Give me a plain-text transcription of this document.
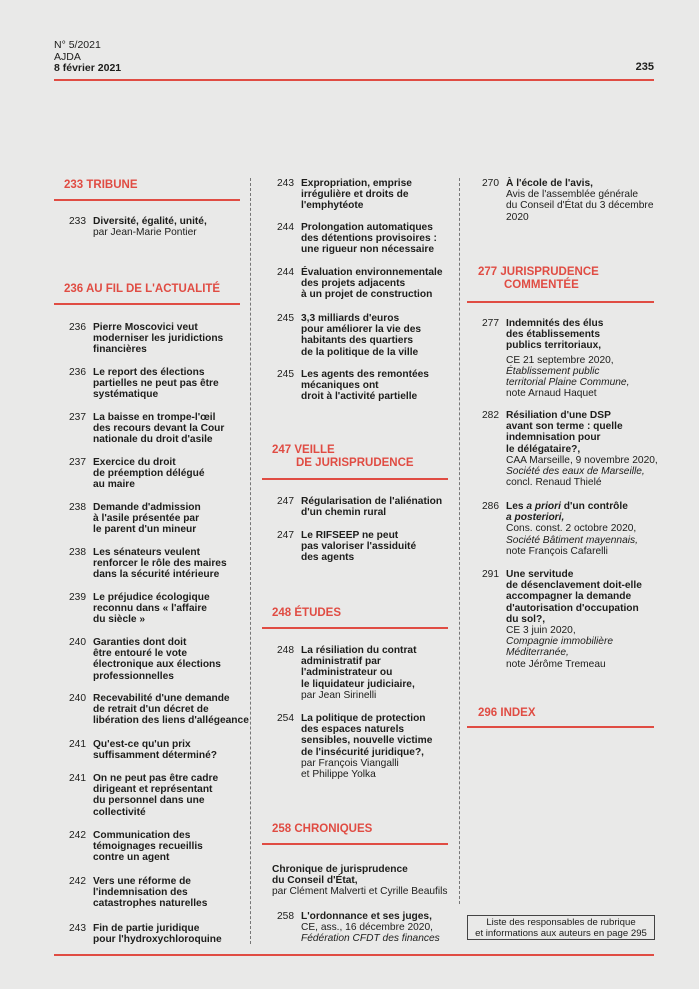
N° 5/2021
AJDA
8 février 2021	235
233 TRIBUNE
233 Diversité, égalité, unité,
par Jean-Marie Pontier
236 AU FIL DE L'ACTUALITÉ
236 Pierre Moscovici veut
moderniser les juridictions
financières
236 Le report des élections
partielles ne peut pas être
systématique
237 La baisse en trompe-l'œil
des recours devant la Cour
nationale du droit d'asile
237 Exercice du droit
de préemption délégué
au maire
238 Demande d'admission
à l'asile présentée par
le parent d'un mineur
238 Les sénateurs veulent
renforcer le rôle des maires
dans la sécurité intérieure
239 Le préjudice écologique
reconnu dans « l'affaire
du siècle »
240 Garanties dont doit
être entouré le vote
électronique aux élections
professionnelles
240 Recevabilité d'une demande
de retrait d'un décret de
libération des liens d'allégeance
241 Qu'est-ce qu'un prix
suffisamment déterminé?
241 On ne peut pas être cadre
dirigeant et représentant
du personnel dans une
collectivité
242 Communication des
témoignages recueillis
contre un agent
242 Vers une réforme de
l'indemnisation des
catastrophes naturelles
243 Fin de partie juridique
pour l'hydroxychloroquine
243 Expropriation, emprise
irrégulière et droits de
l'emphytéote
244 Prolongation automatiques
des détentions provisoires :
une rigueur non nécessaire
244 Évaluation environnementale
des projets adjacents
à un projet de construction
245 3,3 milliards d'euros
pour améliorer la vie des
habitants des quartiers
de la politique de la ville
245 Les agents des remontées
mécaniques ont
droit à l'activité partielle
247 VEILLE
DE JURISPRUDENCE
247 Régularisation de l'aliénation
d'un chemin rural
247 Le RIFSEEP ne peut
pas valoriser l'assiduité
des agents
248 ÉTUDES
248 La résiliation du contrat
administratif par
l'administrateur ou
le liquidateur judiciaire,
par Jean Sirinelli
254 La politique de protection
des espaces naturels
sensibles, nouvelle victime
de l'insécurité juridique?,
par François Viangalli
et Philippe Yolka
258 CHRONIQUES
Chronique de jurisprudence
du Conseil d'État,
par Clément Malverti et Cyrille Beaufils
258 L'ordonnance et ses juges,
CE, ass., 16 décembre 2020,
Fédération CFDT des finances
270 À l'école de l'avis,
Avis de l'assemblée générale
du Conseil d'État du 3 décembre
2020
277 JURISPRUDENCE
COMMENTÉE
277 Indemnités des élus
des établissements
publics territoriaux,
CE 21 septembre 2020,
Établissement public
territorial Plaine Commune,
note Arnaud Haquet
282 Résiliation d'une DSP
avant son terme : quelle
indemnisation pour
le délégataire?,
CAA Marseille, 9 novembre 2020,
Société des eaux de Marseille,
concl. Renaud Thielé
286 Les a priori d'un contrôle
a posteriori,
Cons. const. 2 octobre 2020,
Société Bâtiment mayennais,
note François Cafarelli
291 Une servitude
de désenclavement doit-elle
accompagner la demande
d'autorisation d'occupation
du sol?,
CE 3 juin 2020,
Compagnie immobilière
Méditerranée,
note Jérôme Tremeau
296 INDEX
Liste des responsables de rubrique
et informations aux auteurs en page 295
